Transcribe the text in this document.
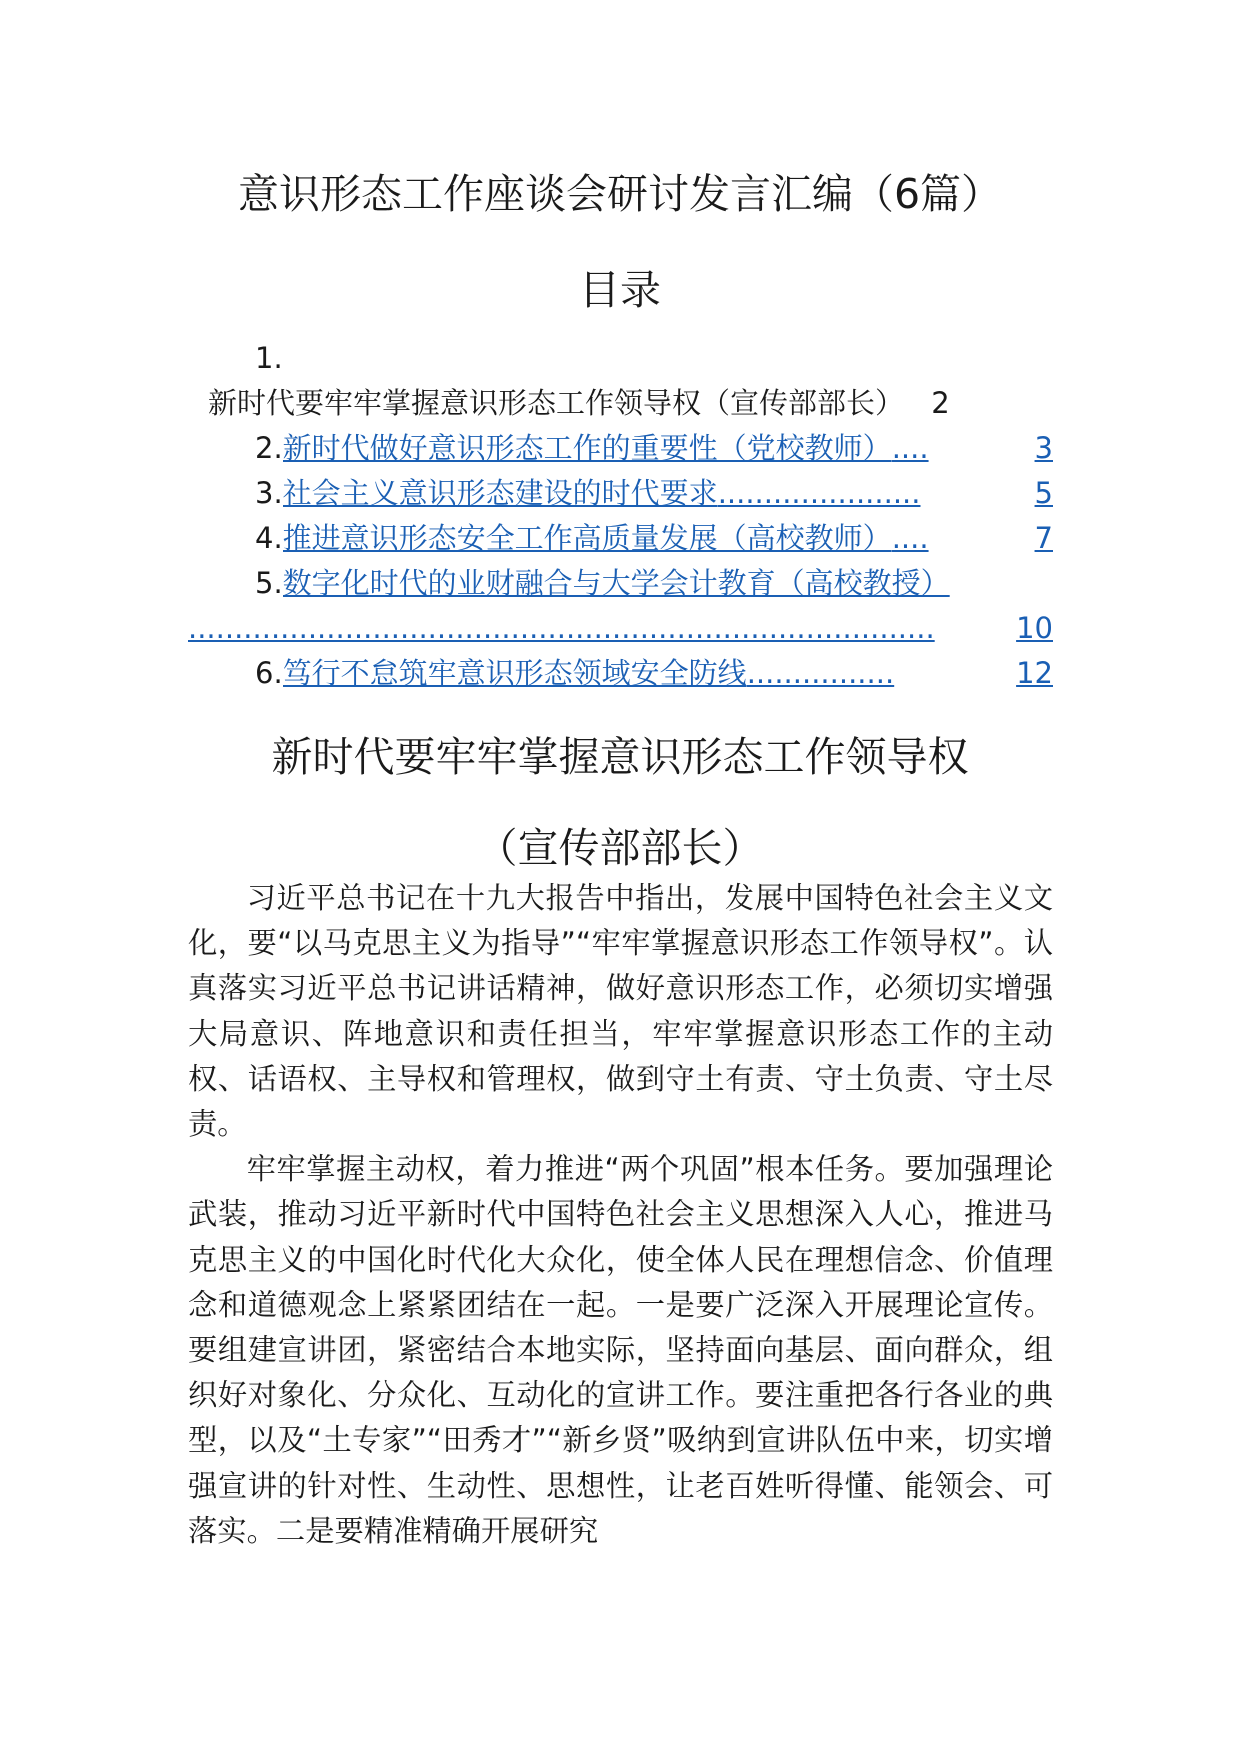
意识形态工作座谈会研讨发言汇编（6篇）
目录
1.
新时代要牢牢掌握意识形态工作领导权（宣传部部长） 2
2. 新时代做好意识形态工作的重要性（党校教师） ....	3
3. 社会主义意识形态建设的时代要求 ......................	5
4. 推进意识形态安全工作高质量发展（高校教师） ....	7
5. 数字化时代的业财融合与大学会计教育（高校教授）
.................................................................................	10
6. 笃行不怠筑牢意识形态领域安全防线 ................	12
新时代要牢牢掌握意识形态工作领导权
（宣传部部长）

习近平总书记在十九大报告中指出，发展中国特色社会主义文化，要“以马克思主义为指导”“牢牢掌握意识形态工作领导权”。认真落实习近平总书记讲话精神，做好意识形态工作，必须切实增强大局意识、阵地意识和责任担当，牢牢掌握意识形态工作的主动权、话语权、主导权和管理权，做到守土有责、守土负责、守土尽责。

牢牢掌握主动权，着力推进“两个巩固”根本任务。要加强理论武装，推动习近平新时代中国特色社会主义思想深入人心，推进马克思主义的中国化时代化大众化，使全体人民在理想信念、价值理念和道德观念上紧紧团结在一起。一是要广泛深入开展理论宣传。要组建宣讲团，紧密结合本地实际，坚持面向基层、面向群众，组织好对象化、分众化、互动化的宣讲工作。要注重把各行各业的典型，以及“土专家”“田秀才”“新乡贤”吸纳到宣讲队伍中来，切实增强宣讲的针对性、生动性、思想性，让老百姓听得懂、能领会、可落实。二是要精准精确开展研究
